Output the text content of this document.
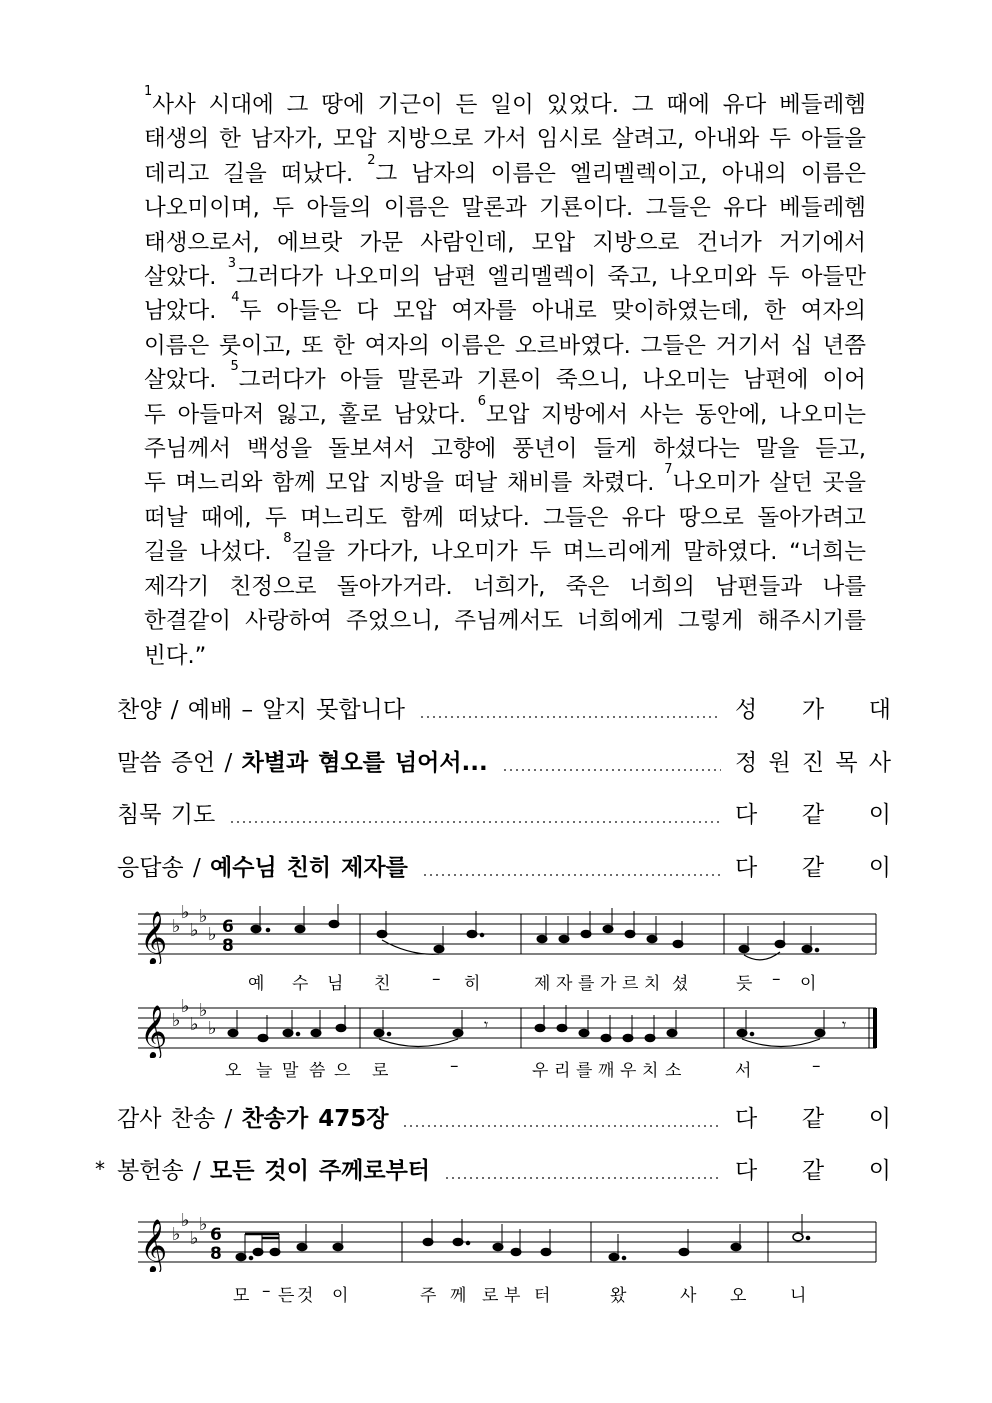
$^1$사사 시대에 그 땅에 기근이 든 일이 있었다. 그 때에 유다 베들레헴
태생의 한 남자가, 모압 지방으로 가서 임시로 살려고, 아내와 두 아들을
데리고 길을 떠났다. $^2$그 남자의 이름은 엘리멜렉이고, 아내의 이름은
나오미이며, 두 아들의 이름은 말론과 기룐이다. 그들은 유다 베들레헴
태생으로서, 에브랏 가문 사람인데, 모압 지방으로 건너가 거기에서
살았다. $^3$그러다가 나오미의 남편 엘리멜렉이 죽고, 나오미와 두 아들만
남았다. $^4$두 아들은 다 모압 여자를 아내로 맞이하였는데, 한 여자의
이름은 룻이고, 또 한 여자의 이름은 오르바였다. 그들은 거기서 십 년쯤
살았다. $^5$그러다가 아들 말론과 기룐이 죽으니, 나오미는 남편에 이어
두 아들마저 잃고, 홀로 남았다. $^6$모압 지방에서 사는 동안에, 나오미는
주님께서 백성을 돌보셔서 고향에 풍년이 들게 하셨다는 말을 듣고,
두 며느리와 함께 모압 지방을 떠날 채비를 차렸다. $^7$나오미가 살던 곳을
떠날 때에, 두 며느리도 함께 떠났다. 그들은 유다 땅으로 돌아가려고
길을 나섰다. $^8$길을 가다가, 나오미가 두 며느리에게 말하였다. “너희는
제각기 친정으로 돌아가거라. 너희가, 죽은 너희의 남편들과 나를
한결같이 사랑하여 주었으니, 주님께서도 너희에게 그렇게 해주시기를
빈다.”
찬양 / 예배 – 알지 못합니다	성 가 대
말씀 증언 / 차별과 혐오를 넘어서...	정 원 진 목 사
침묵 기도	다 같 이
응답송 / 예수님 친히 제자를	다 같 이
감사 찬송 / 찬송가 475장	다 같 이
봉헌송 / 모든 것이 주께로부터	다 같 이
*
𝄞 ♭
♭
♭
♭
♭ 6
8
예 수 님 친 – 히	제 자 를 가 르 치 셨	듯 – 이
𝄞 ♭
♭
♭
♭
♭	𝄾	𝄾
오 늘 말 씀 으 로	–	우 리 를 깨 우 치 소	서	–
𝄞 ♭
♭
♭
♭ 6
8
모 – 든 것 이	주 께 로 부 터	왔	사 오	니
